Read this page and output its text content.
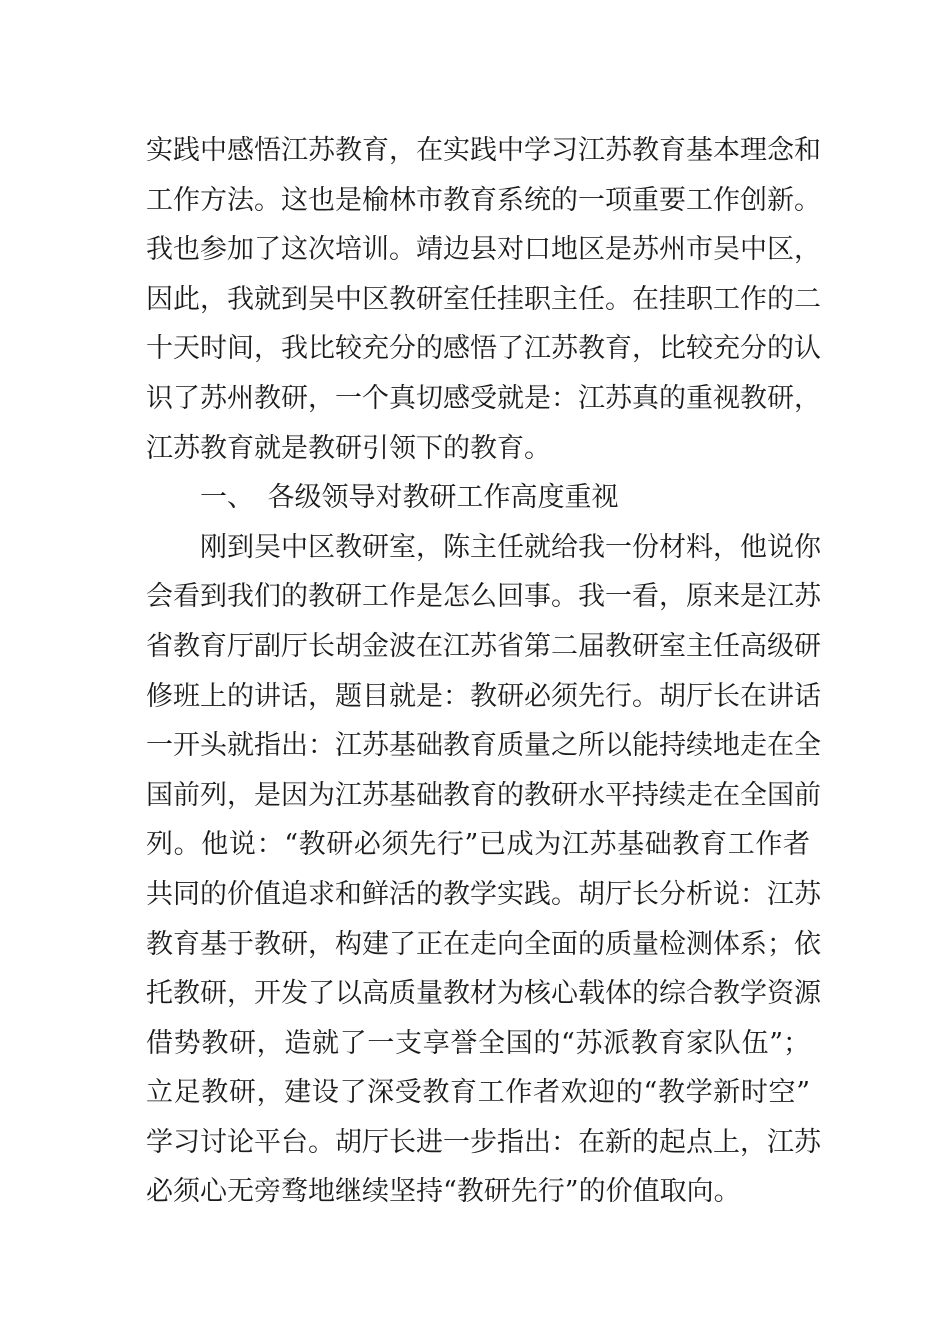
实践中感悟江苏教育，在实践中学习江苏教育基本理念和
工作方法。这也是榆林市教育系统的一项重要工作创新。
我也参加了这次培训。靖边县对口地区是苏州市吴中区，
因此，我就到吴中区教研室任挂职主任。在挂职工作的二
十天时间，我比较充分的感悟了江苏教育，比较充分的认
识了苏州教研，一个真切感受就是：江苏真的重视教研，
江苏教育就是教研引领下的教育。
　　一、　各级领导对教研工作高度重视
　　刚到吴中区教研室，陈主任就给我一份材料，他说你
会看到我们的教研工作是怎么回事。我一看，原来是江苏
省教育厅副厅长胡金波在江苏省第二届教研室主任高级研
修班上的讲话，题目就是：教研必须先行。胡厅长在讲话
一开头就指出：江苏基础教育质量之所以能持续地走在全
国前列，是因为江苏基础教育的教研水平持续走在全国前
列。他说：“教研必须先行”已成为江苏基础教育工作者
共同的价值追求和鲜活的教学实践。胡厅长分析说：江苏
教育基于教研，构建了正在走向全面的质量检测体系；依
托教研，开发了以高质量教材为核心载体的综合教学资源
借势教研，造就了一支享誉全国的“苏派教育家队伍”；
立足教研，建设了深受教育工作者欢迎的“教学新时空”
学习讨论平台。胡厅长进一步指出：在新的起点上，江苏
必须心无旁骛地继续坚持“教研先行”的价值取向。
